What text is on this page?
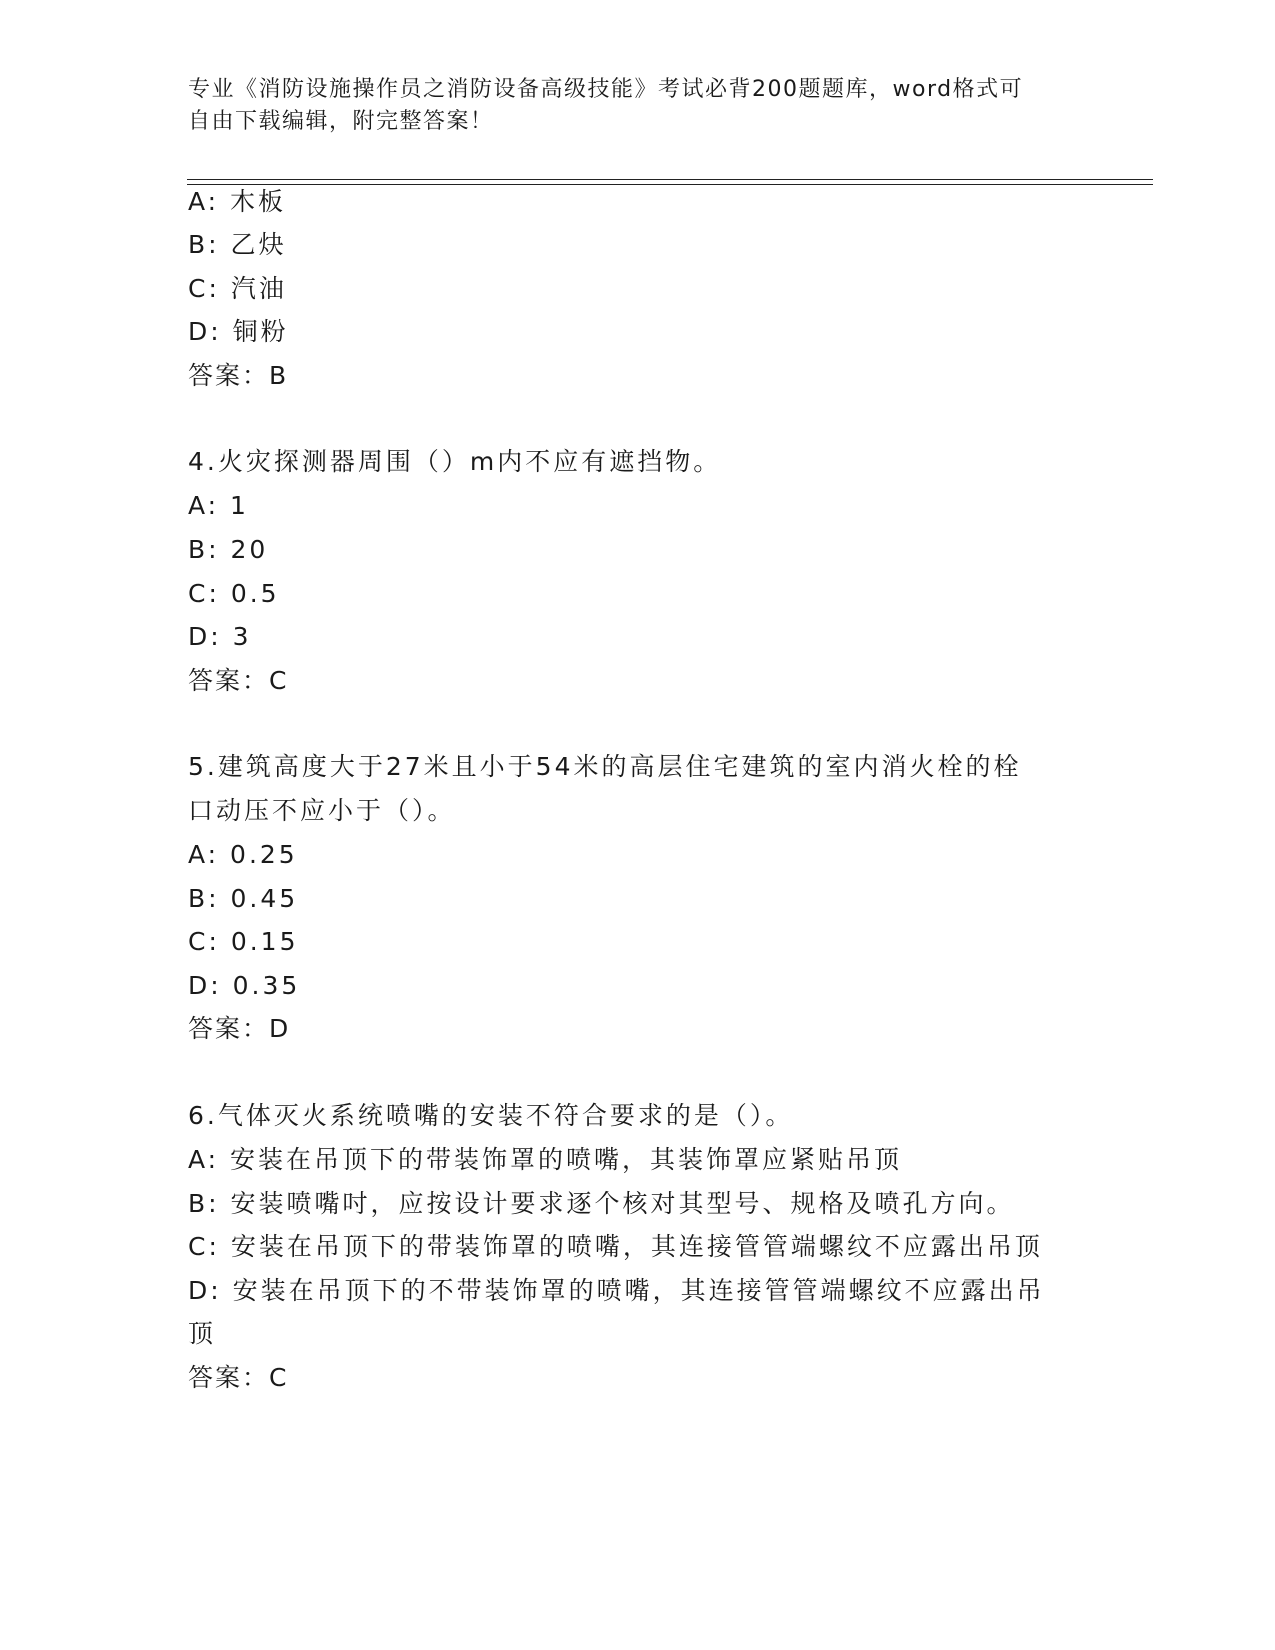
专业《消防设施操作员之消防设备高级技能》考试必背200题题库，word格式可
自由下载编辑，附完整答案！
A: 木板
B: 乙炔
C: 汽油
D: 铜粉
答案：B
4.火灾探测器周围（）m内不应有遮挡物。
A: 1
B: 20
C: 0.5
D: 3
答案：C
5.建筑高度大于27米且小于54米的高层住宅建筑的室内消火栓的栓
口动压不应小于（）。
A: 0.25
B: 0.45
C: 0.15
D: 0.35
答案：D
6.气体灭火系统喷嘴的安装不符合要求的是（）。
A: 安装在吊顶下的带装饰罩的喷嘴，其装饰罩应紧贴吊顶
B: 安装喷嘴吋，应按设计要求逐个核对其型号、规格及喷孔方向。
C: 安装在吊顶下的带装饰罩的喷嘴，其连接管管端螺纹不应露出吊顶
D: 安装在吊顶下的不带装饰罩的喷嘴，其连接管管端螺纹不应露出吊
顶
答案：C
